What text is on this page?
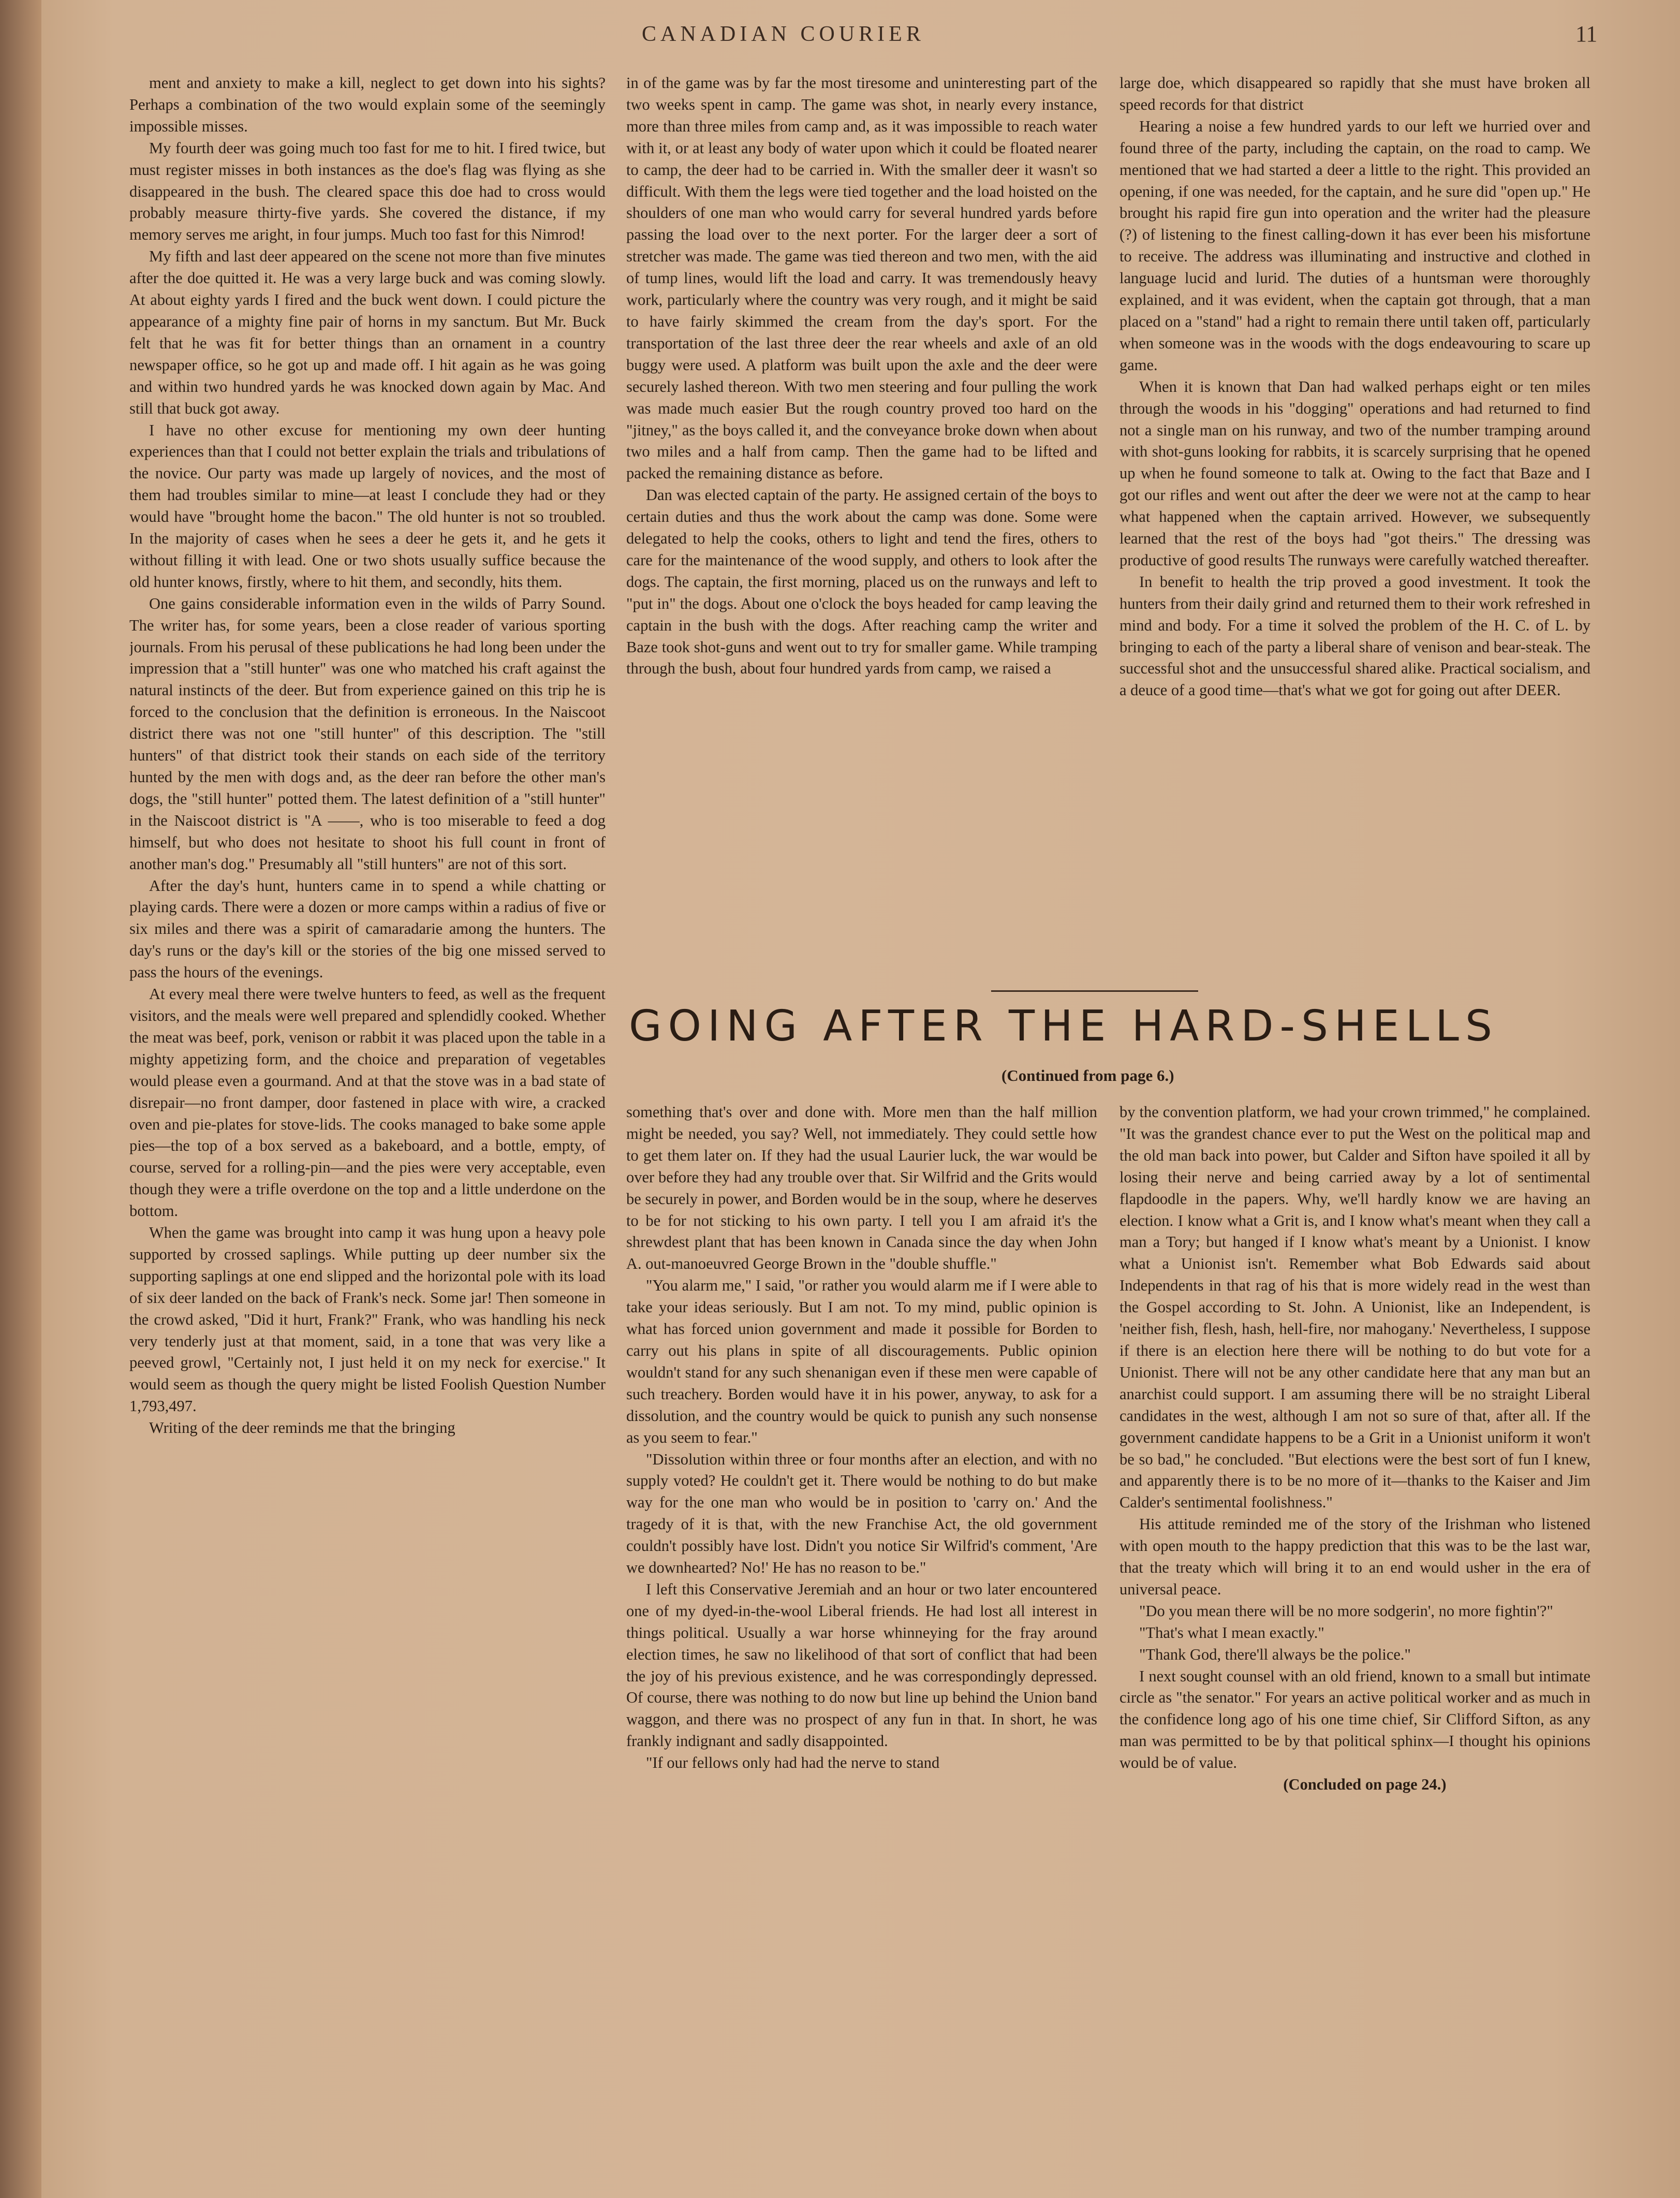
CANADIAN COURIER	11

ment and anxiety to make a kill, neglect to get down into his sights? Perhaps a combination of the two would explain some of the seemingly impossible misses.

My fourth deer was going much too fast for me to hit. I fired twice, but must register misses in both instances as the doe's flag was flying as she disappeared in the bush. The cleared space this doe had to cross would probably measure thirty-five yards. She covered the distance, if my memory serves me aright, in four jumps. Much too fast for this Nimrod!

My fifth and last deer appeared on the scene not more than five minutes after the doe quitted it. He was a very large buck and was coming slowly. At about eighty yards I fired and the buck went down. I could picture the appearance of a mighty fine pair of horns in my sanctum. But Mr. Buck felt that he was fit for better things than an ornament in a country newspaper office, so he got up and made off. I hit again as he was going and within two hundred yards he was knocked down again by Mac. And still that buck got away.

I have no other excuse for mentioning my own deer hunting experiences than that I could not better explain the trials and tribulations of the novice. Our party was made up largely of novices, and the most of them had troubles similar to mine—at least I conclude they had or they would have "brought home the bacon." The old hunter is not so troubled. In the majority of cases when he sees a deer he gets it, and he gets it without filling it with lead. One or two shots usually suffice because the old hunter knows, firstly, where to hit them, and secondly, hits them.

One gains considerable information even in the wilds of Parry Sound. The writer has, for some years, been a close reader of various sporting journals. From his perusal of these publications he had long been under the impression that a "still hunter" was one who matched his craft against the natural instincts of the deer. But from experience gained on this trip he is forced to the conclusion that the definition is erroneous. In the Naiscoot district there was not one "still hunter" of this description. The "still hunters" of that district took their stands on each side of the territory hunted by the men with dogs and, as the deer ran before the other man's dogs, the "still hunter" potted them. The latest definition of a "still hunter" in the Naiscoot district is "A ——, who is too miserable to feed a dog himself, but who does not hesitate to shoot his full count in front of another man's dog." Presumably all "still hunters" are not of this sort.

After the day's hunt, hunters came in to spend a while chatting or playing cards. There were a dozen or more camps within a radius of five or six miles and there was a spirit of camaradarie among the hunters. The day's runs or the day's kill or the stories of the big one missed served to pass the hours of the evenings.

At every meal there were twelve hunters to feed, as well as the frequent visitors, and the meals were well prepared and splendidly cooked. Whether the meat was beef, pork, venison or rabbit it was placed upon the table in a mighty appetizing form, and the choice and preparation of vegetables would please even a gourmand. And at that the stove was in a bad state of disrepair—no front damper, door fastened in place with wire, a cracked oven and pie-plates for stove-lids. The cooks managed to bake some apple pies—the top of a box served as a bakeboard, and a bottle, empty, of course, served for a rolling-pin—and the pies were very acceptable, even though they were a trifle overdone on the top and a little underdone on the bottom.

When the game was brought into camp it was hung upon a heavy pole supported by crossed saplings. While putting up deer number six the supporting saplings at one end slipped and the horizontal pole with its load of six deer landed on the back of Frank's neck. Some jar! Then someone in the crowd asked, "Did it hurt, Frank?" Frank, who was handling his neck very tenderly just at that moment, said, in a tone that was very like a peeved growl, "Certainly not, I just held it on my neck for exercise." It would seem as though the query might be listed Foolish Question Number 1,793,497.

Writing of the deer reminds me that the bringing

in of the game was by far the most tiresome and uninteresting part of the two weeks spent in camp. The game was shot, in nearly every instance, more than three miles from camp and, as it was impossible to reach water with it, or at least any body of water upon which it could be floated nearer to camp, the deer had to be carried in. With the smaller deer it wasn't so difficult. With them the legs were tied together and the load hoisted on the shoulders of one man who would carry for several hundred yards before passing the load over to the next porter. For the larger deer a sort of stretcher was made. The game was tied thereon and two men, with the aid of tump lines, would lift the load and carry. It was tremendously heavy work, particularly where the country was very rough, and it might be said to have fairly skimmed the cream from the day's sport. For the transportation of the last three deer the rear wheels and axle of an old buggy were used. A platform was built upon the axle and the deer were securely lashed thereon. With two men steering and four pulling the work was made much easier But the rough country proved too hard on the "jitney," as the boys called it, and the conveyance broke down when about two miles and a half from camp. Then the game had to be lifted and packed the remaining distance as before.

Dan was elected captain of the party. He assigned certain of the boys to certain duties and thus the work about the camp was done. Some were delegated to help the cooks, others to light and tend the fires, others to care for the maintenance of the wood supply, and others to look after the dogs. The captain, the first morning, placed us on the runways and left to "put in" the dogs. About one o'clock the boys headed for camp leaving the captain in the bush with the dogs. After reaching camp the writer and Baze took shot-guns and went out to try for smaller game. While tramping through the bush, about four hundred yards from camp, we raised a

large doe, which disappeared so rapidly that she must have broken all speed records for that district

Hearing a noise a few hundred yards to our left we hurried over and found three of the party, including the captain, on the road to camp. We mentioned that we had started a deer a little to the right. This provided an opening, if one was needed, for the captain, and he sure did "open up." He brought his rapid fire gun into operation and the writer had the pleasure (?) of listening to the finest calling-down it has ever been his misfortune to receive. The address was illuminating and instructive and clothed in language lucid and lurid. The duties of a huntsman were thoroughly explained, and it was evident, when the captain got through, that a man placed on a "stand" had a right to remain there until taken off, particularly when someone was in the woods with the dogs endeavouring to scare up game.

When it is known that Dan had walked perhaps eight or ten miles through the woods in his "dogging" operations and had returned to find not a single man on his runway, and two of the number tramping around with shot-guns looking for rabbits, it is scarcely surprising that he opened up when he found someone to talk at. Owing to the fact that Baze and I got our rifles and went out after the deer we were not at the camp to hear what happened when the captain arrived. However, we subsequently learned that the rest of the boys had "got theirs." The dressing was productive of good results The runways were carefully watched thereafter.

In benefit to health the trip proved a good investment. It took the hunters from their daily grind and returned them to their work refreshed in mind and body. For a time it solved the problem of the H. C. of L. by bringing to each of the party a liberal share of venison and bear-steak. The successful shot and the unsuccessful shared alike. Practical socialism, and a deuce of a good time—that's what we got for going out after DEER.

GOING AFTER THE HARD-SHELLS
(Continued from page 6.)

something that's over and done with. More men than the half million might be needed, you say? Well, not immediately. They could settle how to get them later on. If they had the usual Laurier luck, the war would be over before they had any trouble over that. Sir Wilfrid and the Grits would be securely in power, and Borden would be in the soup, where he deserves to be for not sticking to his own party. I tell you I am afraid it's the shrewdest plant that has been known in Canada since the day when John A. out-manoeuvred George Brown in the "double shuffle."

"You alarm me," I said, "or rather you would alarm me if I were able to take your ideas seriously. But I am not. To my mind, public opinion is what has forced union government and made it possible for Borden to carry out his plans in spite of all discouragements. Public opinion wouldn't stand for any such shenanigan even if these men were capable of such treachery. Borden would have it in his power, anyway, to ask for a dissolution, and the country would be quick to punish any such nonsense as you seem to fear."

"Dissolution within three or four months after an election, and with no supply voted? He couldn't get it. There would be nothing to do but make way for the one man who would be in position to 'carry on.' And the tragedy of it is that, with the new Franchise Act, the old government couldn't possibly have lost. Didn't you notice Sir Wilfrid's comment, 'Are we downhearted? No!' He has no reason to be."

I left this Conservative Jeremiah and an hour or two later encountered one of my dyed-in-the-wool Liberal friends. He had lost all interest in things political. Usually a war horse whinneying for the fray around election times, he saw no likelihood of that sort of conflict that had been the joy of his previous existence, and he was correspondingly depressed. Of course, there was nothing to do now but line up behind the Union band waggon, and there was no prospect of any fun in that. In short, he was frankly indignant and sadly disappointed.

"If our fellows only had had the nerve to stand

by the convention platform, we had your crown trimmed," he complained. "It was the grandest chance ever to put the West on the political map and the old man back into power, but Calder and Sifton have spoiled it all by losing their nerve and being carried away by a lot of sentimental flapdoodle in the papers. Why, we'll hardly know we are having an election. I know what a Grit is, and I know what's meant when they call a man a Tory; but hanged if I know what's meant by a Unionist. I know what a Unionist isn't. Remember what Bob Edwards said about Independents in that rag of his that is more widely read in the west than the Gospel according to St. John. A Unionist, like an Independent, is 'neither fish, flesh, hash, hell-fire, nor mahogany.' Nevertheless, I suppose if there is an election here there will be nothing to do but vote for a Unionist. There will not be any other candidate here that any man but an anarchist could support. I am assuming there will be no straight Liberal candidates in the west, although I am not so sure of that, after all. If the government candidate happens to be a Grit in a Unionist uniform it won't be so bad," he concluded. "But elections were the best sort of fun I knew, and apparently there is to be no more of it—thanks to the Kaiser and Jim Calder's sentimental foolishness."

His attitude reminded me of the story of the Irishman who listened with open mouth to the happy prediction that this was to be the last war, that the treaty which will bring it to an end would usher in the era of universal peace.

"Do you mean there will be no more sodgerin', no more fightin'?"

"That's what I mean exactly."

"Thank God, there'll always be the police."

I next sought counsel with an old friend, known to a small but intimate circle as "the senator." For years an active political worker and as much in the confidence long ago of his one time chief, Sir Clifford Sifton, as any man was permitted to be by that political sphinx—I thought his opinions would be of value.

(Concluded on page 24.)
